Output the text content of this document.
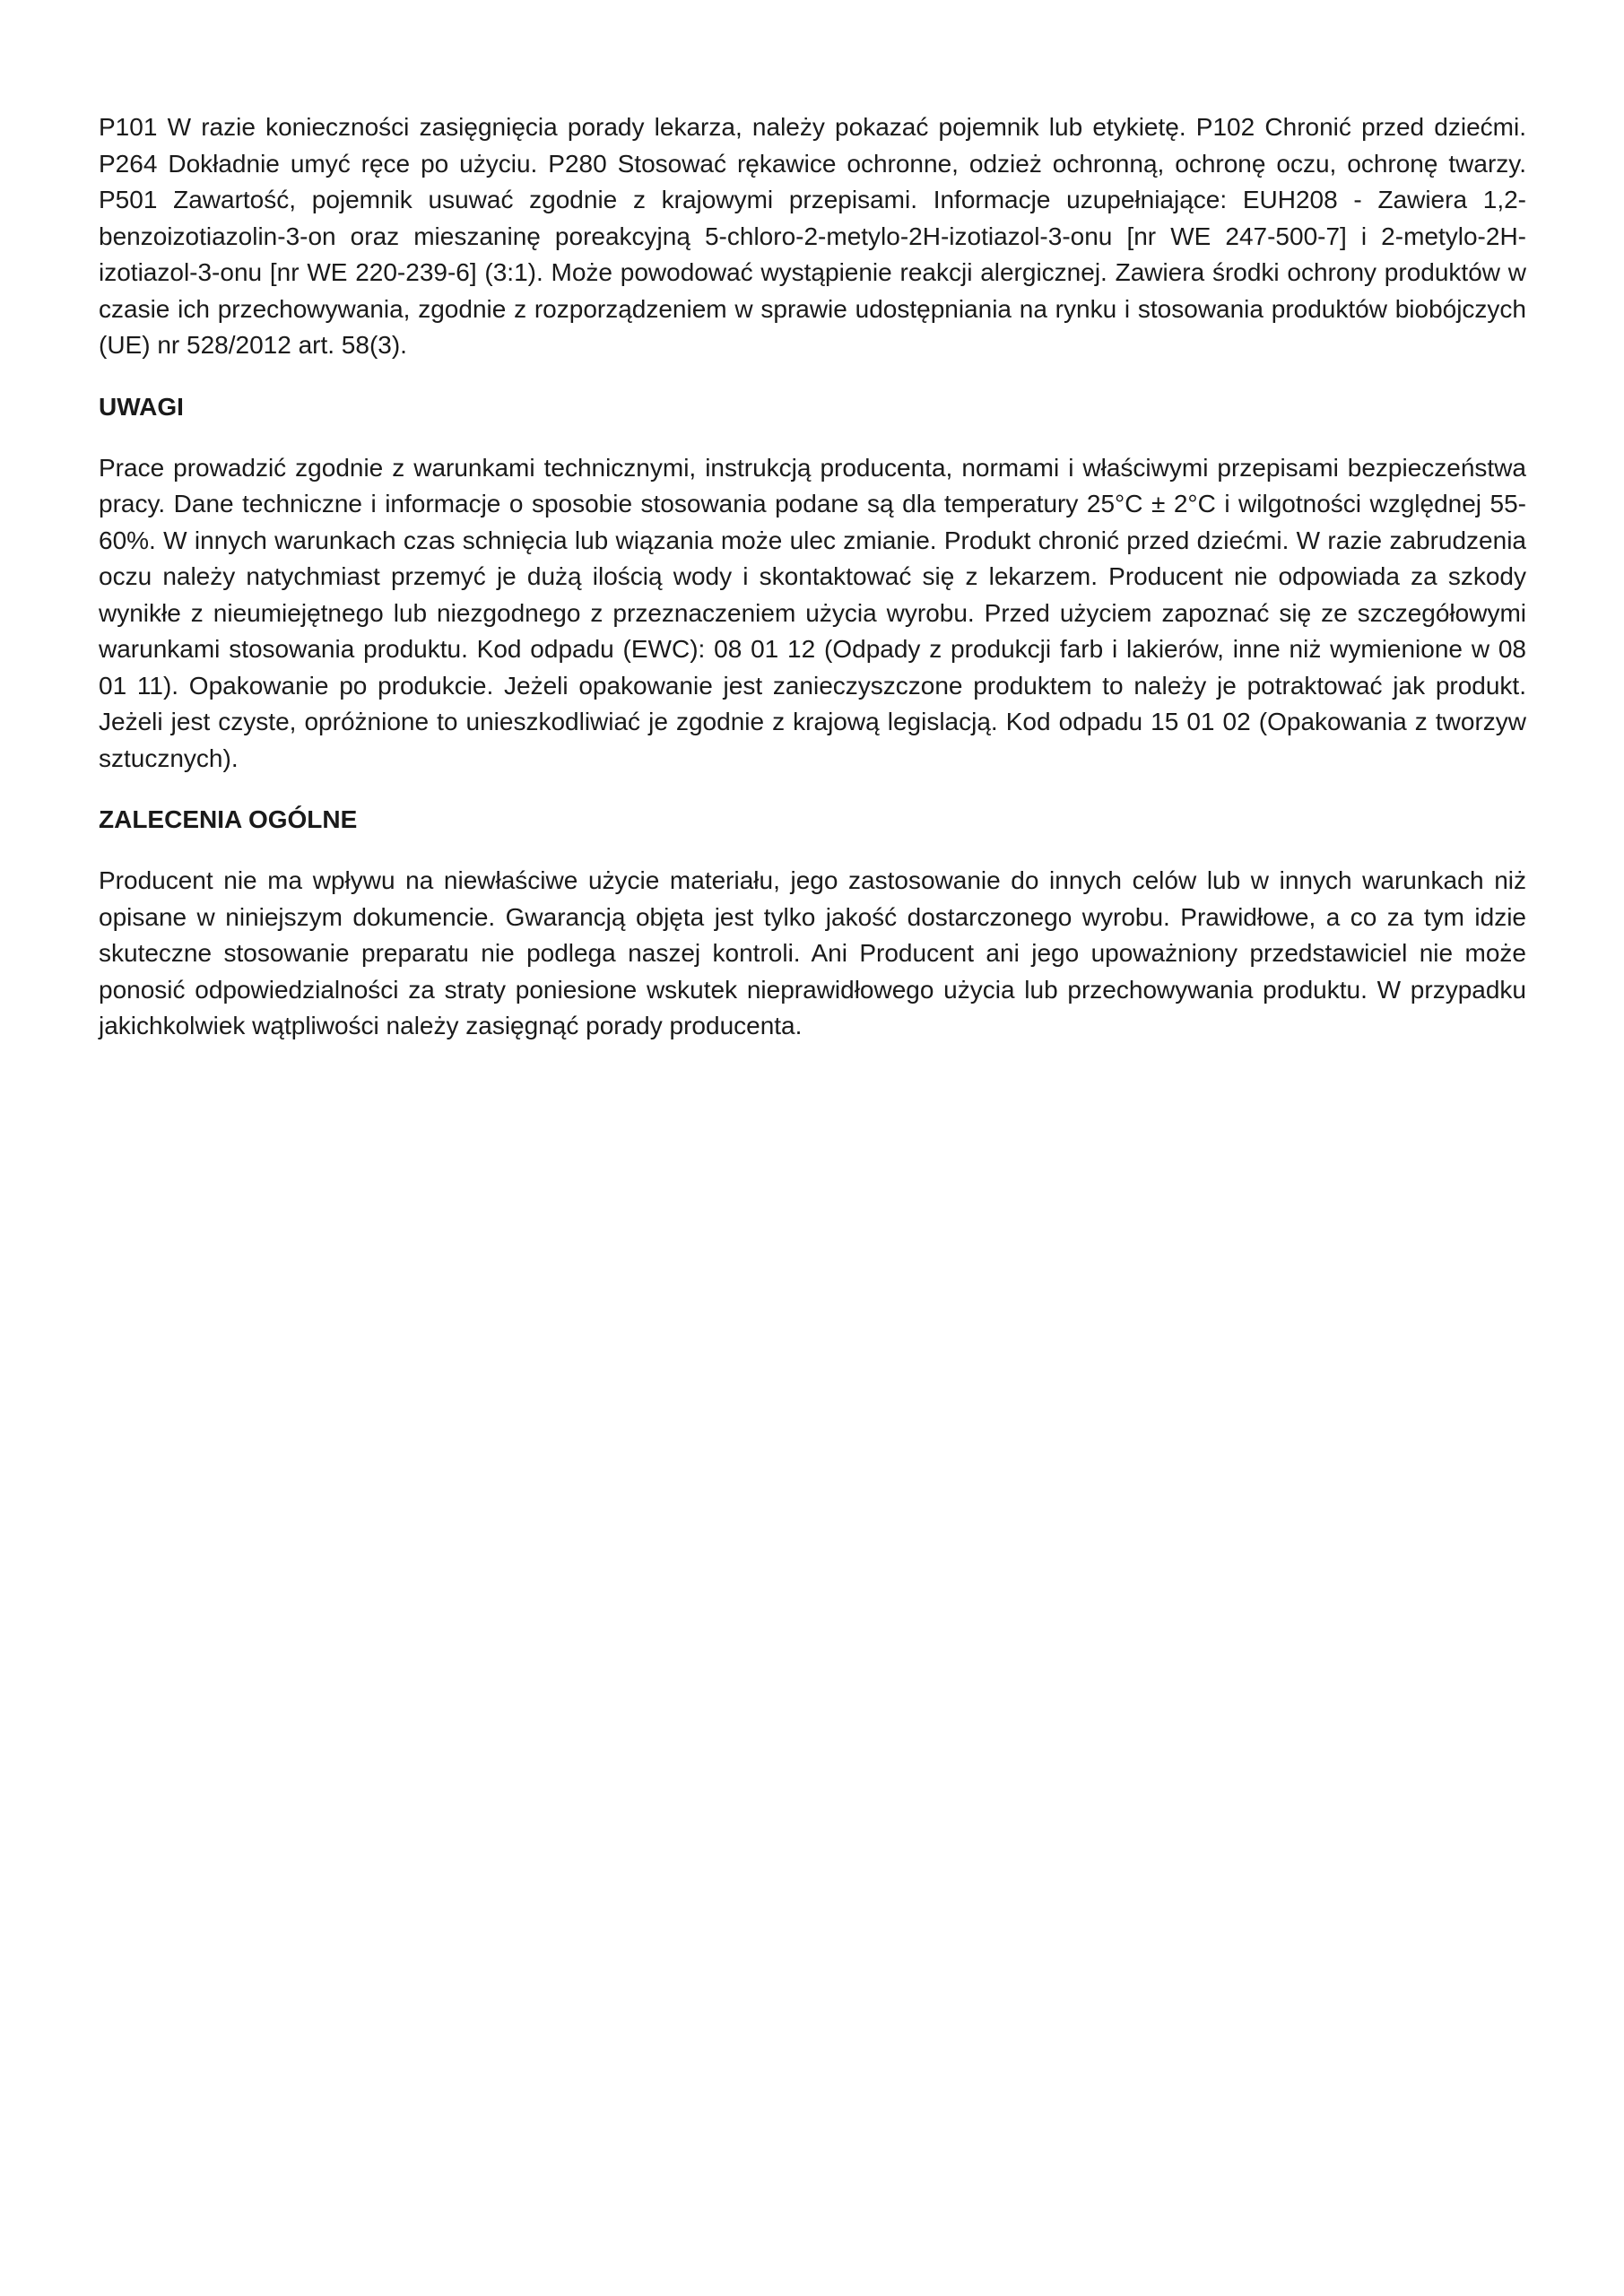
P101 W razie konieczności zasięgnięcia porady lekarza, należy pokazać pojemnik lub etykietę. P102 Chronić przed dziećmi. P264 Dokładnie umyć ręce po użyciu. P280 Stosować rękawice ochronne, odzież ochronną, ochronę oczu, ochronę twarzy. P501 Zawartość, pojemnik usuwać zgodnie z krajowymi przepisami. Informacje uzupełniające: EUH208 - Zawiera 1,2- benzoizotiazolin-3-on oraz mieszaninę poreakcyjną 5-chloro-2-metylo-2H-izotiazol-3-onu [nr WE 247-500-7] i 2-metylo-2H-izotiazol-3-onu [nr WE 220-239-6] (3:1). Może powodować wystąpienie reakcji alergicznej. Zawiera środki ochrony produktów w czasie ich przechowywania, zgodnie z rozporządzeniem w sprawie udostępniania na rynku i stosowania produktów biobójczych (UE) nr 528/2012 art. 58(3).

UWAGI

Prace prowadzić zgodnie z warunkami technicznymi, instrukcją producenta, normami i właściwymi przepisami bezpieczeństwa pracy. Dane techniczne i informacje o sposobie stosowania podane są dla temperatury 25°C ± 2°C i wilgotności względnej 55-60%. W innych warunkach czas schnięcia lub wiązania może ulec zmianie. Produkt chronić przed dziećmi. W razie zabrudzenia oczu należy natychmiast przemyć je dużą ilością wody i skontaktować się z lekarzem. Producent nie odpowiada za szkody wynikłe z nieumiejętnego lub niezgodnego z przeznaczeniem użycia wyrobu. Przed użyciem zapoznać się ze szczegółowymi warunkami stosowania produktu. Kod odpadu (EWC): 08 01 12 (Odpady z produkcji farb i lakierów, inne niż wymienione w 08 01 11). Opakowanie po produkcie. Jeżeli opakowanie jest zanieczyszczone produktem to należy je potraktować jak produkt. Jeżeli jest czyste, opróżnione to unieszkodliwiać je zgodnie z krajową legislacją. Kod odpadu 15 01 02 (Opakowania z tworzyw sztucznych).

ZALECENIA OGÓLNE

Producent nie ma wpływu na niewłaściwe użycie materiału, jego zastosowanie do innych celów lub w innych warunkach niż opisane w niniejszym dokumencie. Gwarancją objęta jest tylko jakość dostarczonego wyrobu. Prawidłowe, a co za tym idzie skuteczne stosowanie preparatu nie podlega naszej kontroli. Ani Producent ani jego upoważniony przedstawiciel nie może ponosić odpowiedzialności za straty poniesione wskutek nieprawidłowego użycia lub przechowywania produktu. W przypadku jakichkolwiek wątpliwości należy zasięgnąć porady producenta.
